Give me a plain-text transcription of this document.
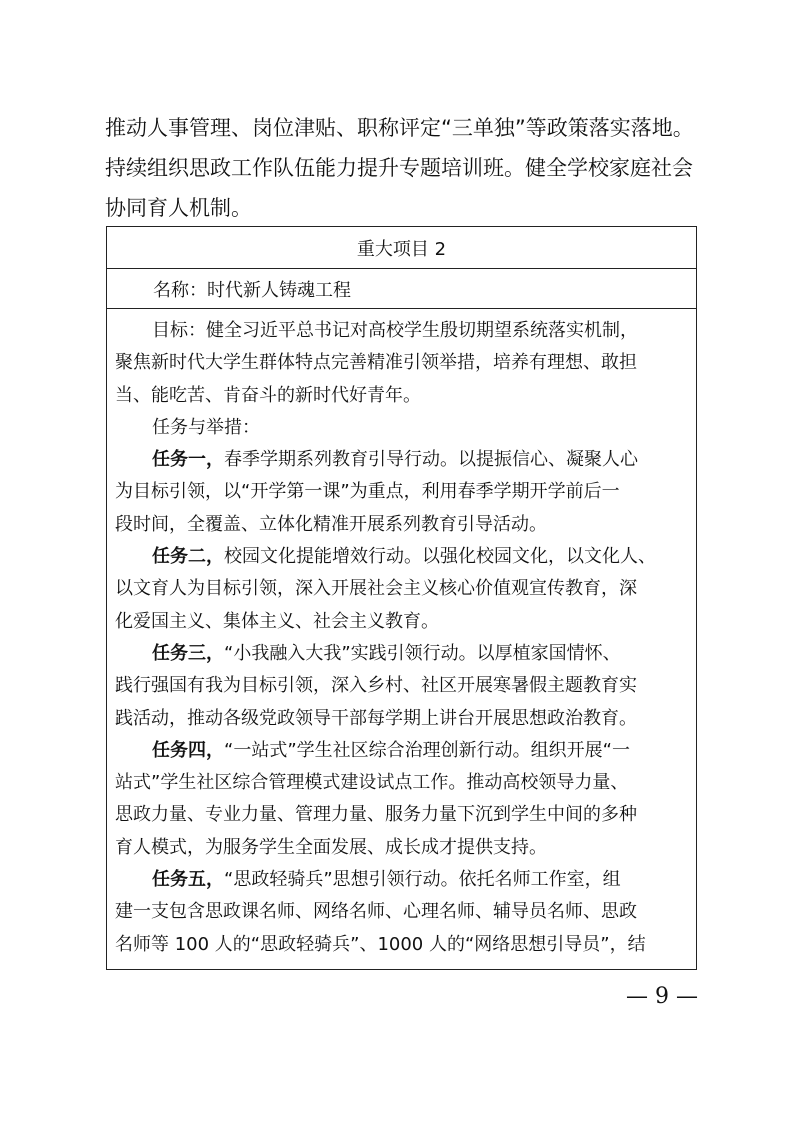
推动人事管理、岗位津贴、职称评定“三单独”等政策落实落地。

持续组织思政工作队伍能力提升专题培训班。健全学校家庭社会

协同育人机制。

重大项目 2
名称：时代新人铸魂工程
目标：健全习近平总书记对高校学生殷切期望系统落实机制，
聚焦新时代大学生群体特点完善精准引领举措，培养有理想、敢担
当、能吃苦、肯奋斗的新时代好青年。
任务与举措：
任务一，春季学期系列教育引导行动。以提振信心、凝聚人心
为目标引领，以“开学第一课”为重点，利用春季学期开学前后一
段时间，全覆盖、立体化精准开展系列教育引导活动。
任务二，校园文化提能增效行动。以强化校园文化，以文化人、
以文育人为目标引领，深入开展社会主义核心价值观宣传教育，深
化爱国主义、集体主义、社会主义教育。
任务三，“小我融入大我”实践引领行动。以厚植家国情怀、
践行强国有我为目标引领，深入乡村、社区开展寒暑假主题教育实
践活动，推动各级党政领导干部每学期上讲台开展思想政治教育。
任务四，“一站式”学生社区综合治理创新行动。组织开展“一
站式”学生社区综合管理模式建设试点工作。推动高校领导力量、
思政力量、专业力量、管理力量、服务力量下沉到学生中间的多种
育人模式，为服务学生全面发展、成长成才提供支持。
任务五，“思政轻骑兵”思想引领行动。依托名师工作室，组
建一支包含思政课名师、网络名师、心理名师、辅导员名师、思政
名师等 100 人的“思政轻骑兵”、1000 人的“网络思想引导员”，结
— 9 —
